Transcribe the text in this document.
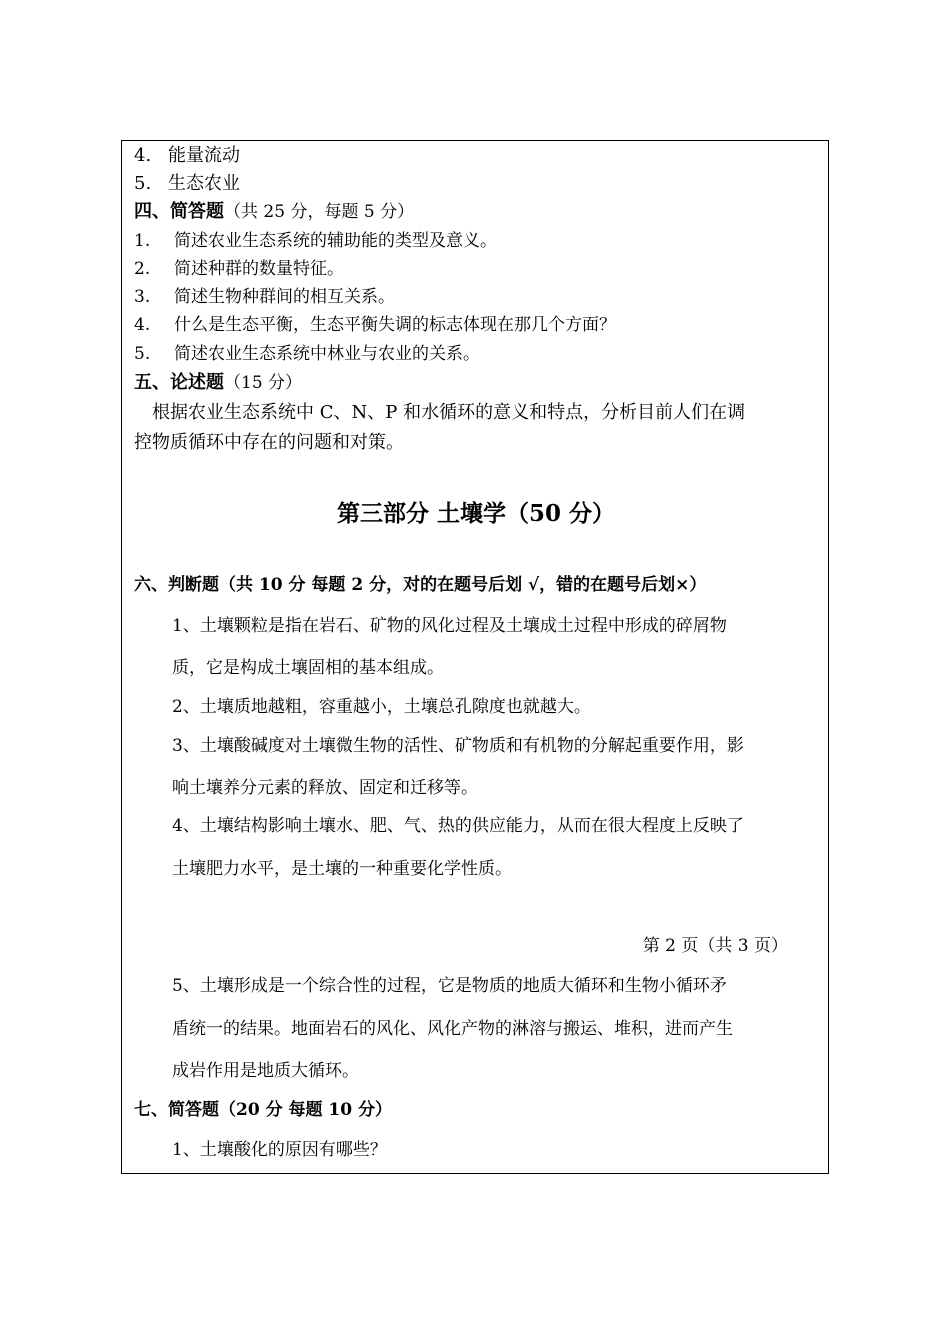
4. 能量流动
5. 生态农业
四、简答题（共 25 分，每题 5 分）
1. 简述农业生态系统的辅助能的类型及意义。
2. 简述种群的数量特征。
3. 简述生物种群间的相互关系。
4. 什么是生态平衡，生态平衡失调的标志体现在那几个方面？
5. 简述农业生态系统中林业与农业的关系。
五、论述题（15 分）
根据农业生态系统中 C、N、P 和水循环的意义和特点，分析目前人们在调
控物质循环中存在的问题和对策。
第三部分 土壤学（50 分）
六、判断题（共 10 分 每题 2 分，对的在题号后划 √，错的在题号后划×）
1、土壤颗粒是指在岩石、矿物的风化过程及土壤成土过程中形成的碎屑物
质，它是构成土壤固相的基本组成。
2、土壤质地越粗，容重越小，土壤总孔隙度也就越大。
3、土壤酸碱度对土壤微生物的活性、矿物质和有机物的分解起重要作用，影
响土壤养分元素的释放、固定和迁移等。
4、土壤结构影响土壤水、肥、气、热的供应能力，从而在很大程度上反映了
土壤肥力水平，是土壤的一种重要化学性质。
第 2 页（共 3 页）
5、土壤形成是一个综合性的过程，它是物质的地质大循环和生物小循环矛
盾统一的结果。地面岩石的风化、风化产物的淋溶与搬运、堆积，进而产生
成岩作用是地质大循环。
七、简答题（20 分 每题 10 分）
1、土壤酸化的原因有哪些？
